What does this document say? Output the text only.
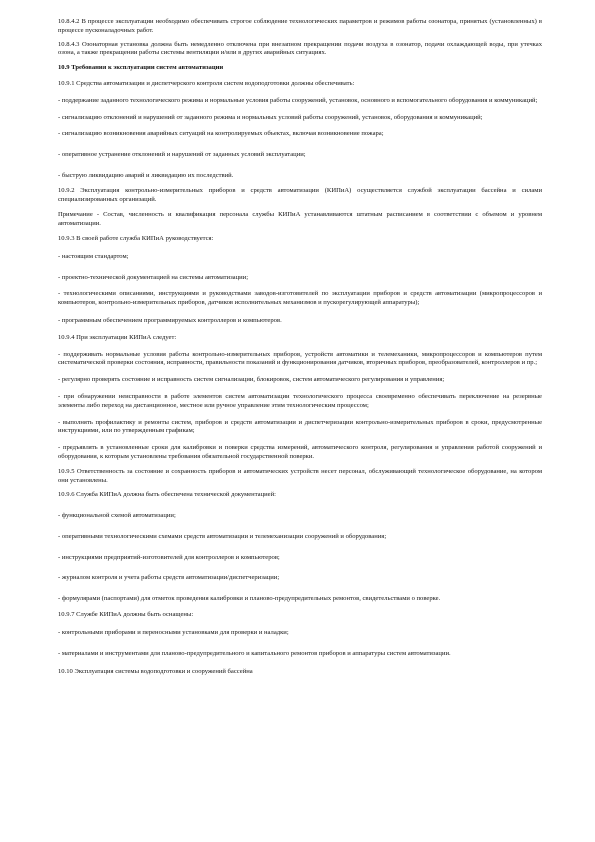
10.8.4.2 В процессе эксплуатации необходимо обеспечивать строгое соблюдение технологических параметров и режимов работы озонатора, принятых (установленных) в процессе пусконаладочных работ.

10.8.4.3 Озонаторная установка должна быть немедленно отключена при внезапном прекращении подачи воздуха в озонатор, подачи охлаждающей воды, при утечках озона, а также прекращении работы системы вентиляции и/или в других аварийных ситуациях.

10.9 Требования к эксплуатации систем автоматизации

10.9.1 Средства автоматизации и диспетчерского контроля систем водоподготовки должны обеспечивать:

- поддержание заданного технологического режима и нормальные условия работы сооружений, установок, основного и вспомогательного оборудования и коммуникаций;

- сигнализацию отклонений и нарушений от заданного режима и нормальных условий работы сооружений, установок, оборудования и коммуникаций;

- сигнализацию возникновения аварийных ситуаций на контролируемых объектах, включая возникновение пожара;

- оперативное устранение отклонений и нарушений от заданных условий эксплуатации;

- быструю ликвидацию аварий и ликвидацию их последствий.

10.9.2 Эксплуатация контрольно-измерительных приборов и средств автоматизации (КИПиА) осуществляется службой эксплуатации бассейна и силами специализированных организаций.

Примечание - Состав, численность и квалификация персонала службы КИПиА устанавливаются штатным расписанием в соответствии с объемом и уровнем автоматизации.

10.9.3 В своей работе служба КИПиА руководствуется:

- настоящим стандартом;

- проектно-технической документацией на системы автоматизации;

- технологическими описаниями, инструкциями и руководствами заводов-изготовителей по эксплуатации приборов и средств автоматизации (микропроцессоров и компьютеров, контрольно-измерительных приборов, датчиков исполнительных механизмов и пускорегулирующей аппаратуры);

- программным обеспечением программируемых контроллеров и компьютеров.

10.9.4 При эксплуатации КИПиА следует:

- поддерживать нормальные условия работы контрольно-измерительных приборов, устройств автоматики и телемеханики, микропроцессоров и компьютеров путем систематической проверки состояния, исправности, правильности показаний и функционирования датчиков, вторичных приборов, преобразователей, контроллеров и пр.;

- регулярно проверять состояние и исправность систем сигнализации, блокировок, систем автоматического регулирования и управления;

- при обнаружении неисправности в работе элементов систем автоматизации технологического процесса своевременно обеспечивать переключение на резервные элементы либо переход на дистанционное, местное или ручное управление этим технологическим процессом;

- выполнять профилактику и ремонты систем, приборов и средств автоматизации и диспетчеризации контрольно-измерительных приборов в сроки, предусмотренные инструкциями, или по утвержденным графикам;

- предъявлять в установленные сроки для калибровки и поверки средства измерений, автоматического контроля, регулирования и управления работой сооружений и оборудования, к которым установлены требования обязательной государственной поверки.

10.9.5 Ответственность за состояние и сохранность приборов и автоматических устройств несет персонал, обслуживающий технологическое оборудование, на котором они установлены.

10.9.6 Служба КИПиА должна быть обеспечена технической документацией:

- функциональной схемой автоматизации;

- оперативными технологическими схемами средств автоматизации и телемеханизации сооружений и оборудования;

- инструкциями предприятий-изготовителей для контроллеров и компьютеров;

- журналом контроля и учета работы средств автоматизации/диспетчеризации;

- формулярами (паспортами) для отметок проведения калибровки и планово-предупредительных ремонтов, свидетельствами о поверке.

10.9.7 Службе КИПиА должны быть оснащены:

- контрольными приборами и переносными установками для проверки и наладки;

- материалами и инструментами для планово-предупредительного и капитального ремонтов приборов и аппаратуры систем автоматизации.

10.10 Эксплуатация системы водоподготовки и сооружений бассейна
